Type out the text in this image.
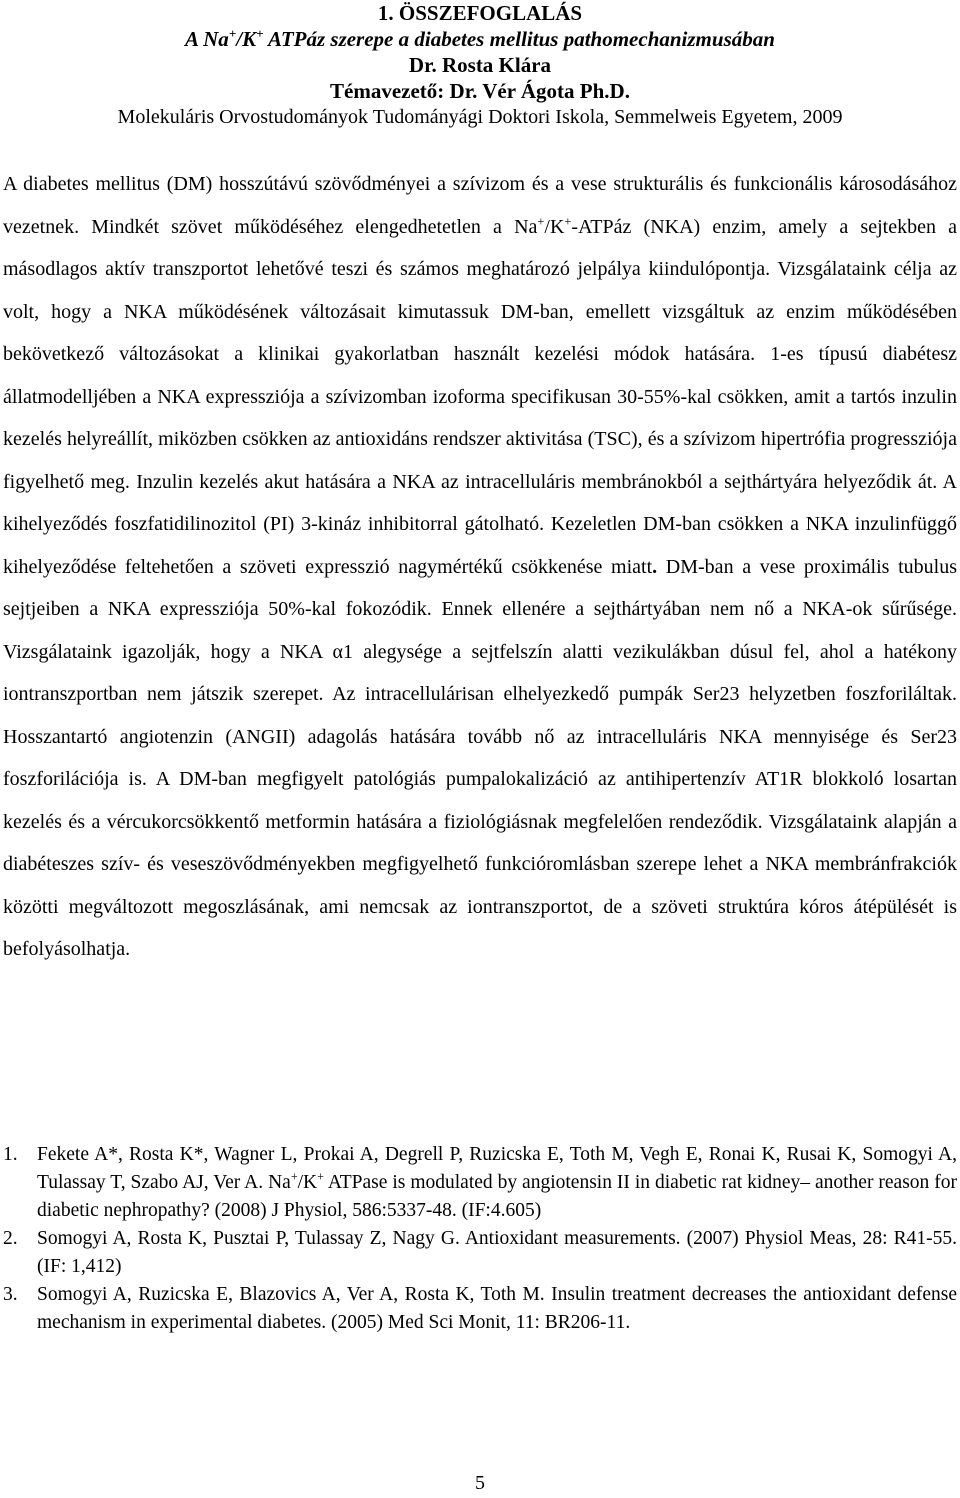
1. ÖSSZEFOGLALÁS
A Na+/K+ ATPáz szerepe a diabetes mellitus pathomechanizmusában
Dr. Rosta Klára
Témavezető: Dr. Vér Ágota Ph.D.
Molekuláris Orvostudományok Tudományági Doktori Iskola, Semmelweis Egyetem, 2009

A diabetes mellitus (DM) hosszútávú szövődményei a szívizom és a vese strukturális és funkcionális károsodásához vezetnek. Mindkét szövet működéséhez elengedhetetlen a Na+/K+-ATPáz (NKA) enzim, amely a sejtekben a másodlagos aktív transzportot lehetővé teszi és számos meghatározó jelpálya kiindulópontja. Vizsgálataink célja az volt, hogy a NKA működésének változásait kimutassuk DM-ban, emellett vizsgáltuk az enzim működésében bekövetkező változásokat a klinikai gyakorlatban használt kezelési módok hatására. 1-es típusú diabétesz állatmodelljében a NKA expressziója a szívizomban izoforma specifikusan 30-55%-kal csökken, amit a tartós inzulin kezelés helyreállít, miközben csökken az antioxidáns rendszer aktivitása (TSC), és a szívizom hipertrófia progressziója figyelhető meg. Inzulin kezelés akut hatására a NKA az intracelluláris membránokból a sejthártyára helyeződik át. A kihelyeződés foszfatidilinozitol (PI) 3-kináz inhibitorral gátolható. Kezeletlen DM-ban csökken a NKA inzulinfüggő kihelyeződése feltehetően a szöveti expresszió nagymértékű csökkenése miatt. DM-ban a vese proximális tubulus sejtjeiben a NKA expressziója 50%-kal fokozódik. Ennek ellenére a sejthártyában nem nő a NKA-ok sűrűsége. Vizsgálataink igazolják, hogy a NKA α1 alegysége a sejtfelszín alatti vezikulákban dúsul fel, ahol a hatékony iontranszportban nem játszik szerepet. Az intracellulárisan elhelyezkedő pumpák Ser23 helyzetben foszforiláltak. Hosszantartó angiotenzin (ANGII) adagolás hatására tovább nő az intracelluláris NKA mennyisége és Ser23 foszforilációja is. A DM-ban megfigyelt patológiás pumpalokalizáció az antihipertenzív AT1R blokkoló losartan kezelés és a vércukorcsökkentő metformin hatására a fiziológiásnak megfelelően rendeződik. Vizsgálataink alapján a diabéteszes szív- és veseszövődményekben megfigyelhető funkcióromlásban szerepe lehet a NKA membránfrakciók közötti megváltozott megoszlásának, ami nemcsak az iontranszportot, de a szöveti struktúra kóros átépülését is befolyásolhatja.

1. Fekete A*, Rosta K*, Wagner L, Prokai A, Degrell P, Ruzicska E, Toth M, Vegh E, Ronai K, Rusai K, Somogyi A, Tulassay T, Szabo AJ, Ver A. Na+/K+ ATPase is modulated by angiotensin II in diabetic rat kidney– another reason for diabetic nephropathy? (2008) J Physiol, 586:5337-48. (IF:4.605)
2. Somogyi A, Rosta K, Pusztai P, Tulassay Z, Nagy G. Antioxidant measurements. (2007) Physiol Meas, 28: R41-55. (IF: 1,412)
3. Somogyi A, Ruzicska E, Blazovics A, Ver A, Rosta K, Toth M. Insulin treatment decreases the antioxidant defense mechanism in experimental diabetes. (2005) Med Sci Monit, 11: BR206-11.
5
